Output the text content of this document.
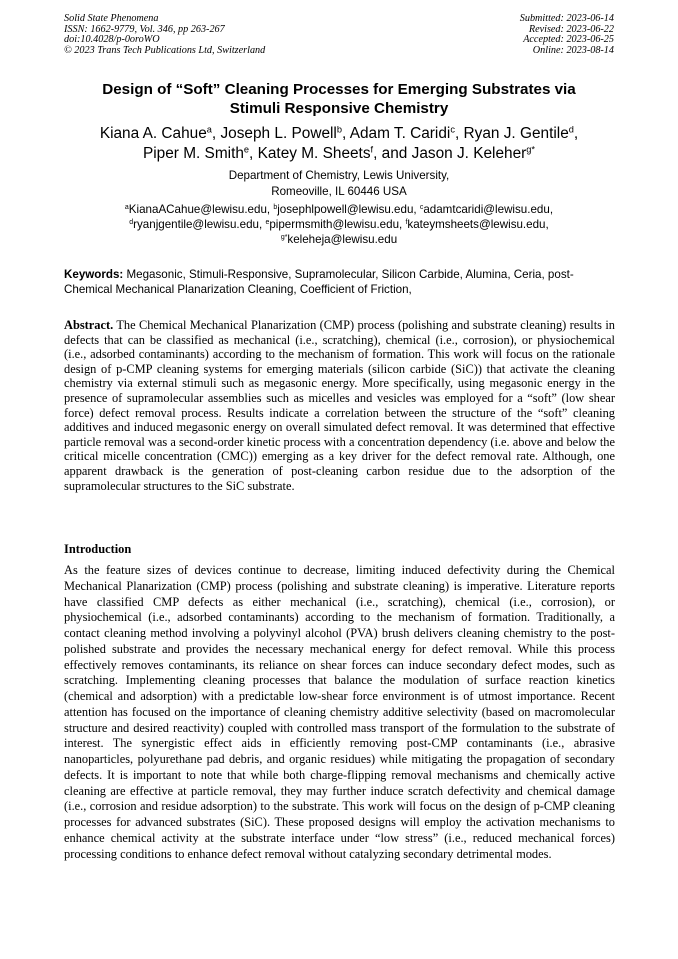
Solid State Phenomena
ISSN: 1662-9779, Vol. 346, pp 263-267
doi:10.4028/p-0oroWO
© 2023 Trans Tech Publications Ltd, Switzerland
Submitted: 2023-06-14
Revised: 2023-06-22
Accepted: 2023-06-25
Online: 2023-08-14
Design of “Soft” Cleaning Processes for Emerging Substrates via
Stimuli Responsive Chemistry
Kiana A. Cahue$^a$, Joseph L. Powell$^b$, Adam T. Caridi$^c$, Ryan J. Gentile$^d$,
Piper M. Smith$^e$, Katey M. Sheets$^f$, and Jason J. Keleher$^{g*}$
Department of Chemistry, Lewis University,
Romeoville, IL 60446 USA
$^a$KianaACahue@lewisu.edu, $^b$josephlpowell@lewisu.edu, $^c$adamtcaridi@lewisu.edu,
$^d$ryanjgentile@lewisu.edu, $^e$pipermsmith@lewisu.edu, $^f$kateymsheets@lewisu.edu,
$^{g*}$keleheja@lewisu.edu
Keywords: Megasonic, Stimuli-Responsive, Supramolecular, Silicon Carbide, Alumina, Ceria, post-Chemical Mechanical Planarization Cleaning, Coefficient of Friction,
Abstract. The Chemical Mechanical Planarization (CMP) process (polishing and substrate cleaning) results in defects that can be classified as mechanical (i.e., scratching), chemical (i.e., corrosion), or physiochemical (i.e., adsorbed contaminants) according to the mechanism of formation. This work will focus on the rationale design of p-CMP cleaning systems for emerging materials (silicon carbide (SiC)) that activate the cleaning chemistry via external stimuli such as megasonic energy. More specifically, using megasonic energy in the presence of supramolecular assemblies such as micelles and vesicles was employed for a “soft” (low shear force) defect removal process. Results indicate a correlation between the structure of the “soft” cleaning additives and induced megasonic energy on overall simulated defect removal. It was determined that effective particle removal was a second-order kinetic process with a concentration dependency (i.e. above and below the critical micelle concentration (CMC)) emerging as a key driver for the defect removal rate. Although, one apparent drawback is the generation of post-cleaning carbon residue due to the adsorption of the supramolecular structures to the SiC substrate.
Introduction
As the feature sizes of devices continue to decrease, limiting induced defectivity during the Chemical Mechanical Planarization (CMP) process (polishing and substrate cleaning) is imperative. Literature reports have classified CMP defects as either mechanical (i.e., scratching), chemical (i.e., corrosion), or physiochemical (i.e., adsorbed contaminants) according to the mechanism of formation. Traditionally, a contact cleaning method involving a polyvinyl alcohol (PVA) brush delivers cleaning chemistry to the post-polished substrate and provides the necessary mechanical energy for defect removal. While this process effectively removes contaminants, its reliance on shear forces can induce secondary defect modes, such as scratching. Implementing cleaning processes that balance the modulation of surface reaction kinetics (chemical and adsorption) with a predictable low-shear force environment is of utmost importance. Recent attention has focused on the importance of cleaning chemistry additive selectivity (based on macromolecular structure and desired reactivity) coupled with controlled mass transport of the formulation to the substrate of interest. The synergistic effect aids in efficiently removing post-CMP contaminants (i.e., abrasive nanoparticles, polyurethane pad debris, and organic residues) while mitigating the propagation of secondary defects. It is important to note that while both charge-flipping removal mechanisms and chemically active cleaning are effective at particle removal, they may further induce scratch defectivity and chemical damage (i.e., corrosion and residue adsorption) to the substrate. This work will focus on the design of p-CMP cleaning processes for advanced substrates (SiC). These proposed designs will employ the activation mechanisms to enhance chemical activity at the substrate interface under “low stress” (i.e., reduced mechanical forces) processing conditions to enhance defect removal without catalyzing secondary detrimental modes.
